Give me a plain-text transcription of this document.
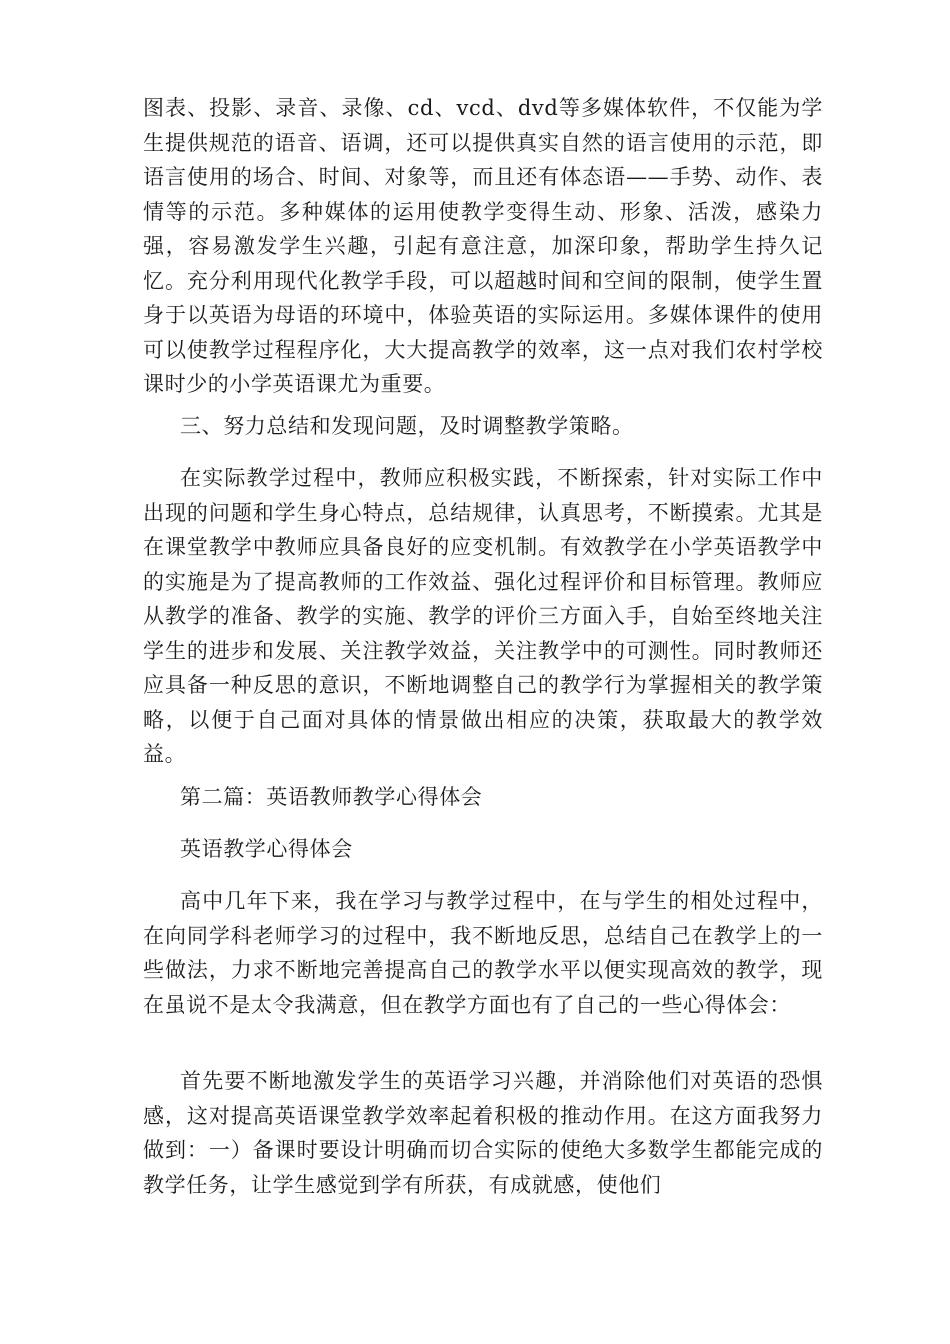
图表、投影、录音、录像、cd、vcd、dvd等多媒体软件，不仅能为学生提供规范的语音、语调，还可以提供真实自然的语言使用的示范，即语言使用的场合、时间、对象等，而且还有体态语——手势、动作、表情等的示范。多种媒体的运用使教学变得生动、形象、活泼，感染力强，容易激发学生兴趣，引起有意注意，加深印象，帮助学生持久记忆。充分利用现代化教学手段，可以超越时间和空间的限制，使学生置身于以英语为母语的环境中，体验英语的实际运用。多媒体课件的使用可以使教学过程程序化，大大提高教学的效率，这一点对我们农村学校课时少的小学英语课尤为重要。

三、努力总结和发现问题，及时调整教学策略。

在实际教学过程中，教师应积极实践，不断探索，针对实际工作中出现的问题和学生身心特点，总结规律，认真思考，不断摸索。尤其是在课堂教学中教师应具备良好的应变机制。有效教学在小学英语教学中的实施是为了提高教师的工作效益、强化过程评价和目标管理。教师应从教学的准备、教学的实施、教学的评价三方面入手，自始至终地关注学生的进步和发展、关注教学效益，关注教学中的可测性。同时教师还应具备一种反思的意识，不断地调整自己的教学行为掌握相关的教学策略，以便于自己面对具体的情景做出相应的决策，获取最大的教学效益。

第二篇：英语教师教学心得体会

英语教学心得体会

高中几年下来，我在学习与教学过程中，在与学生的相处过程中，在向同学科老师学习的过程中，我不断地反思，总结自己在教学上的一些做法，力求不断地完善提高自己的教学水平以便实现高效的教学，现在虽说不是太令我满意，但在教学方面也有了自己的一些心得体会：

首先要不断地激发学生的英语学习兴趣，并消除他们对英语的恐惧感，这对提高英语课堂教学效率起着积极的推动作用。在这方面我努力做到：一）备课时要设计明确而切合实际的使绝大多数学生都能完成的教学任务，让学生感觉到学有所获，有成就感，使他们
